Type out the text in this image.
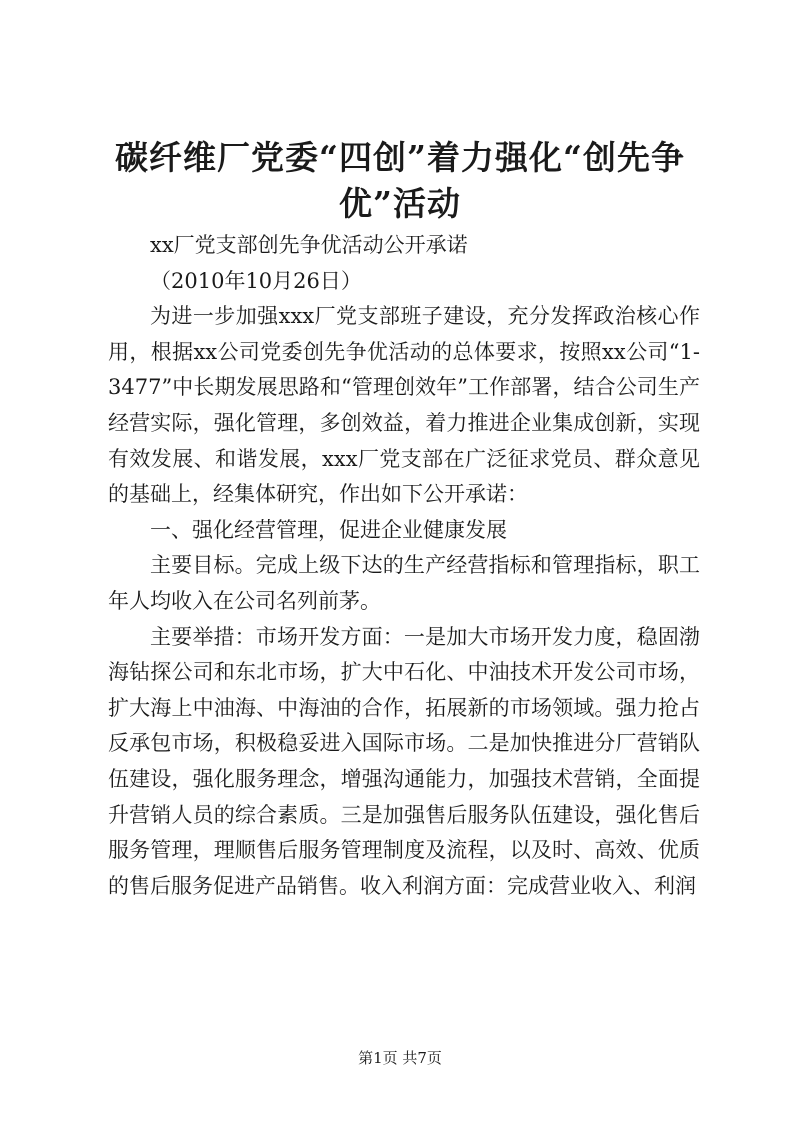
碳纤维厂党委“四创”着力强化“创先争优”活动

xx厂党支部创先争优活动公开承诺

（2010年10月26日）

为进一步加强xxx厂党支部班子建设，充分发挥政治核心作用，根据xx公司党委创先争优活动的总体要求，按照xx公司“1-3477”中长期发展思路和“管理创效年”工作部署，结合公司生产经营实际，强化管理，多创效益，着力推进企业集成创新，实现有效发展、和谐发展，xxx厂党支部在广泛征求党员、群众意见的基础上，经集体研究，作出如下公开承诺：

一、强化经营管理，促进企业健康发展

主要目标。完成上级下达的生产经营指标和管理指标，职工年人均收入在公司名列前茅。

主要举措：市场开发方面：一是加大市场开发力度，稳固渤海钻探公司和东北市场，扩大中石化、中油技术开发公司市场，扩大海上中油海、中海油的合作，拓展新的市场领域。强力抢占反承包市场，积极稳妥进入国际市场。二是加快推进分厂营销队伍建设，强化服务理念，增强沟通能力，加强技术营销，全面提升营销人员的综合素质。三是加强售后服务队伍建设，强化售后服务管理，理顺售后服务管理制度及流程，以及时、高效、优质的售后服务促进产品销售。收入利润方面：完成营业收入、利润

第1页 共7页
